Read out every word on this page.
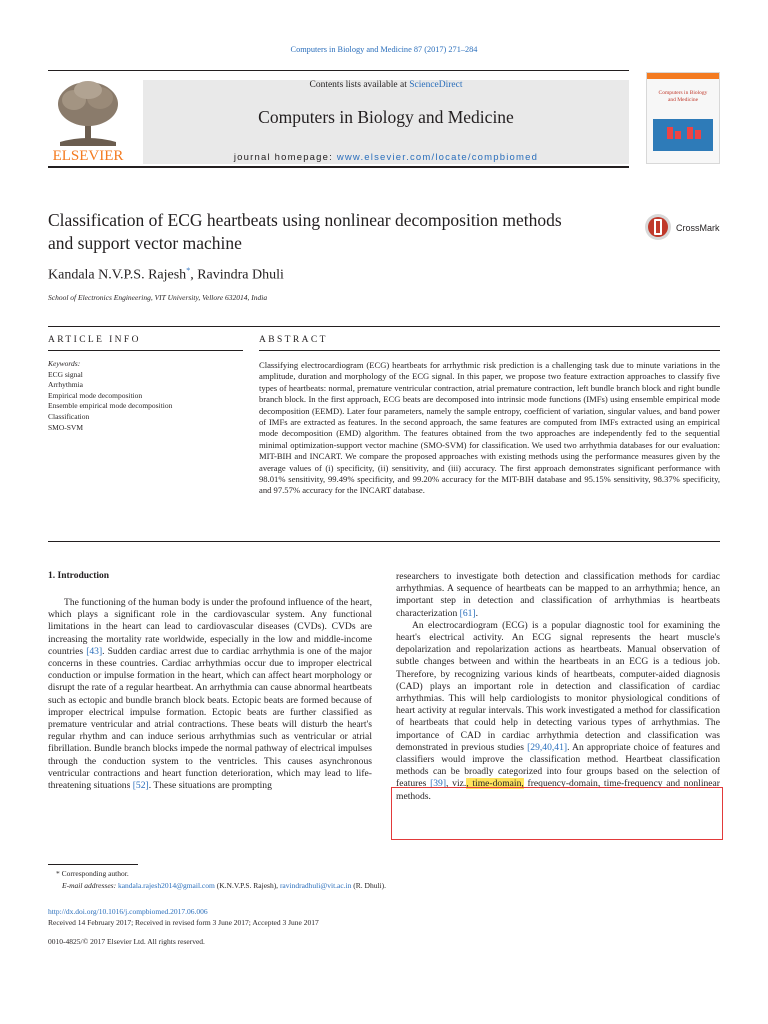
Computers in Biology and Medicine 87 (2017) 271–284
ELSEVIER
Contents lists available at ScienceDirect
Computers in Biology and Medicine
journal homepage: www.elsevier.com/locate/compbiomed
Computers in Biology
and Medicine
Classification of ECG heartbeats using nonlinear decomposition methods
and support vector machine
CrossMark
Kandala N.V.P.S. Rajesh*, Ravindra Dhuli
School of Electronics Engineering, VIT University, Vellore 632014, India
ARTICLE INFO	ABSTRACT
Keywords:
ECG signal
Arrhythmia
Empirical mode decomposition
Ensemble empirical mode decomposition
Classification
SMO-SVM
Classifying electrocardiogram (ECG) heartbeats for arrhythmic risk prediction is a challenging task due to minute variations in the amplitude, duration and morphology of the ECG signal. In this paper, we propose two feature extraction approaches to classify five types of heartbeats: normal, premature ventricular contraction, atrial premature contraction, left bundle branch block and right bundle branch block. In the first approach, ECG beats are decomposed into intrinsic mode functions (IMFs) using ensemble empirical mode decomposition (EEMD). Later four parameters, namely the sample entropy, coefficient of variation, singular values, and band power of IMFs are extracted as features. In the second approach, the same features are computed from IMFs extracted using an empirical mode decomposition (EMD) algorithm. The features obtained from the two approaches are independently fed to the sequential minimal optimization-support vector machine (SMO-SVM) for classification. We used two arrhythmia databases for our evaluation: MIT-BIH and INCART. We compare the proposed approaches with existing methods using the performance measures given by the average values of (i) specificity, (ii) sensitivity, and (iii) accuracy. The first approach demonstrates significant performance with 98.01% sensitivity, 99.49% specificity, and 99.20% accuracy for the MIT-BIH database and 95.15% sensitivity, 98.37% specificity, and 97.57% accuracy for the INCART database.
1. Introduction

The functioning of the human body is under the profound influence of the heart, which plays a significant role in the cardiovascular system. Any functional limitations in the heart can lead to cardiovascular diseases (CVDs). CVDs are increasing the mortality rate worldwide, especially in the low and middle-income countries [43]. Sudden cardiac arrest due to cardiac arrhythmia is one of the major concerns in these countries. Cardiac arrhythmias occur due to improper electrical conduction or impulse formation in the heart, which can affect heart morphology or disrupt the rate of a regular heartbeat. An arrhythmia can cause abnormal heartbeats such as ectopic and bundle branch block beats. Ectopic beats are formed because of improper electrical impulse formation. Ectopic beats are further classified as premature ventricular and atrial contractions. These beats will disturb the heart's regular rhythm and can induce serious arrhythmias such as ventricular or atrial fibrillation. Bundle branch blocks impede the normal pathway of electrical impulses through the conduction system to the ventricles. This causes asynchronous ventricular contractions and heart function deterioration, which may lead to life-threatening situations [52]. These situations are prompting

researchers to investigate both detection and classification methods for cardiac arrhythmias. A sequence of heartbeats can be mapped to an arrhythmia; hence, an important step in detection and classification of arrhythmias is heartbeats characterization [61].

An electrocardiogram (ECG) is a popular diagnostic tool for examining the heart's electrical activity. An ECG signal represents the heart muscle's depolarization and repolarization actions as heartbeats. Manual observation of subtle changes between and within the heartbeats in an ECG is a tedious job. Therefore, by recognizing various kinds of heartbeats, computer-aided diagnosis (CAD) plays an important role in detection and classification of cardiac arrhythmias. This will help cardiologists to monitor physiological conditions of heart activity at regular intervals. This work investigated a method for classification of heartbeats that could help in detecting various types of arrhythmias. The importance of CAD in cardiac arrhythmia detection and classification was demonstrated in previous studies [29,40,41]. An appropriate choice of features and classifiers would improve the classification method. Heartbeat classification methods can be broadly categorized into four groups based on the selection of features [39], viz., time-domain, frequency-domain, time-frequency and nonlinear methods.

* Corresponding author.
E-mail addresses: kandala.rajesh2014@gmail.com (K.N.V.P.S. Rajesh), ravindradhuli@vit.ac.in (R. Dhuli).
http://dx.doi.org/10.1016/j.compbiomed.2017.06.006
Received 14 February 2017; Received in revised form 3 June 2017; Accepted 3 June 2017
0010-4825/© 2017 Elsevier Ltd. All rights reserved.
